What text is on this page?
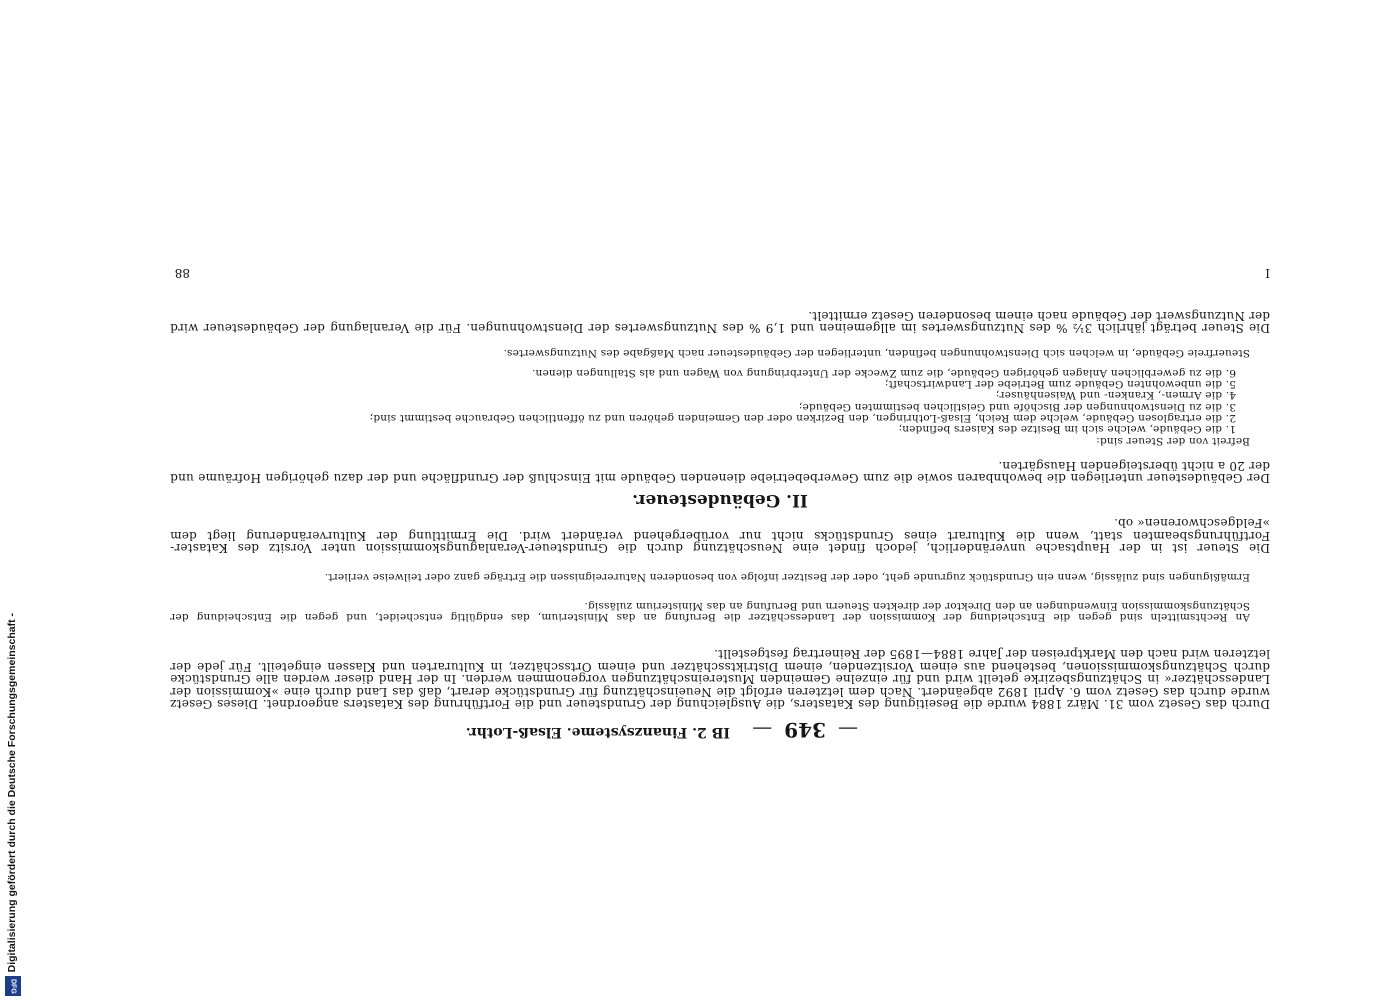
—349—
IB 2. Finanzsysteme. Elsaß-Lothr.

Durch das Gesetz vom 31. März 1884 wurde die Beseitigung des Katasters, die Ausgleichung der Grundsteuer und die Fortführung des Katasters angeordnet. Dieses Gesetz wurde durch das Gesetz vom 6. April 1892 abgeändert. Nach dem letzteren erfolgt die Neueinschätzung für Grundstücke derart, daß das Land durch eine »Kommission der Landesschätzer« in Schätzungsbezirke geteilt wird und für einzelne Gemeinden Mustereinschätzungen vorgenommen werden. In der Hand dieser werden alle Grundstücke durch Schätzungskommissionen, bestehend aus einem Vorsitzenden, einem Distriktsschätzer und einem Ortsschätzer, in Kulturarten und Klassen eingeteilt. Für jede der letzteren wird nach den Marktpreisen der Jahre 1884—1895 der Reinertrag festgestellt.

An Rechtsmitteln sind gegen die Entscheidung der Kommission der Landesschätzer die Berufung an das Ministerium, das endgültig entscheidet, und gegen die Entscheidung der Schätzungskommission Einwendungen an den Direktor der direkten Steuern und Berufung an das Ministerium zulässig.

Ermäßigungen sind zulässig, wenn ein Grundstück zugrunde geht, oder der Besitzer infolge von besonderen Naturereignissen die Erträge ganz oder teilweise verliert.

Die Steuer ist in der Hauptsache unveränderlich, jedoch findet eine Neuschätzung durch die Grundsteuer-Veranlagungskommission unter Vorsitz des Kataster-Fortführungsbeamten statt, wenn die Kulturart eines Grundstücks nicht nur vorübergehend verändert wird. Die Ermittlung der Kulturveränderung liegt dem »Feldgeschworenen« ob.

II. Gebäudesteuer.

Der Gebäudesteuer unterliegen die bewohnbaren sowie die zum Gewerbebetriebe dienenden Gebäude mit Einschluß der Grundfläche und der dazu gehörigen Hofräume und der 20 a nicht übersteigenden Hausgärten.

Befreit von der Steuer sind:

1. die Gebäude, welche sich im Besitze des Kaisers befinden;
2. die ertraglosen Gebäude, welche dem Reich, Elsaß-Lothringen, den Bezirken oder den Gemeinden gehören und zu öffentlichen Gebrauche bestimmt sind;
3. die zu Dienstwohnungen der Bischöfe und Geistlichen bestimmten Gebäude;
4. die Armen-, Kranken- und Waisenhäuser;
5. die unbewohnten Gebäude zum Betriebe der Landwirtschaft;
6. die zu gewerblichen Anlagen gehörigen Gebäude, die zum Zwecke der Unterbringung von Wagen und als Stallungen dienen.

Steuerfreie Gebäude, in welchen sich Dienstwohnungen befinden, unterliegen der Gebäudesteuer nach Maßgabe des Nutzungswertes.

Die Steuer beträgt jährlich 3½ % des Nutzungswertes im allgemeinen und 1,9 % des Nutzungswertes der Dienstwohnungen. Für die Veranlagung der Gebäudesteuer wird der Nutzungswert der Gebäude nach einem besonderen Gesetz ermittelt.

I
88
Digitalisierung gefördert durch die Deutsche Forschungsgemeinschaft -
DFG
